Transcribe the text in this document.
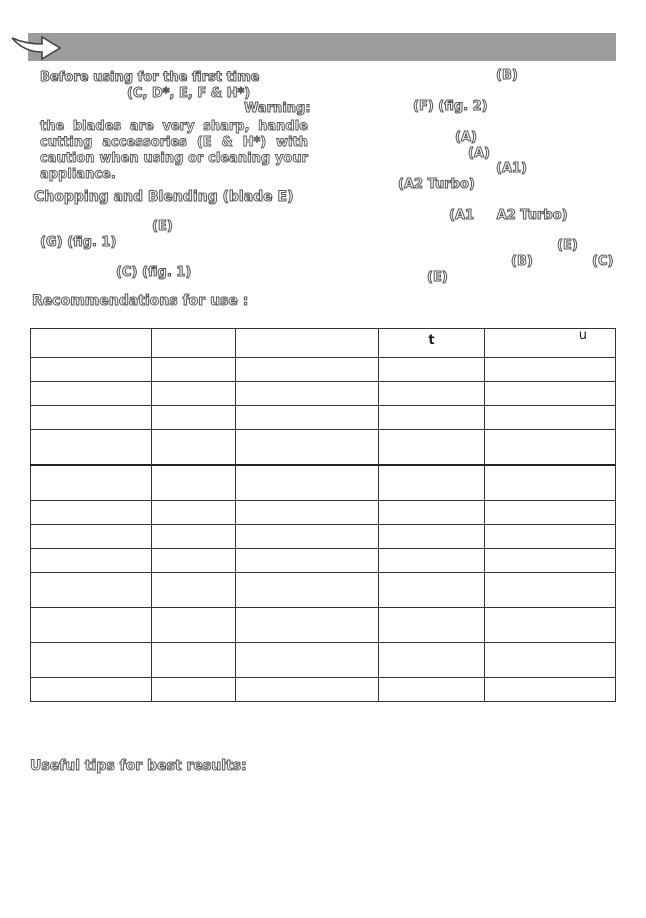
Before using for the first time
(C, D*, E, F & H*)
Warning:
the blades are very sharp, handle cutting accessories (E & H*) with caution when using or cleaning your appliance.
Chopping and Blending (blade E)
(E)
(G) (fig. 1)
(C) (fig. 1)
Recommendations for use :
(B)
(F) (fig. 2)
(A)
(A)
(A1)
(A2 Turbo)
(A1     A2 Turbo)
(E)
(B)	(C)
(E)

			t	u

Useful tips for best results:
